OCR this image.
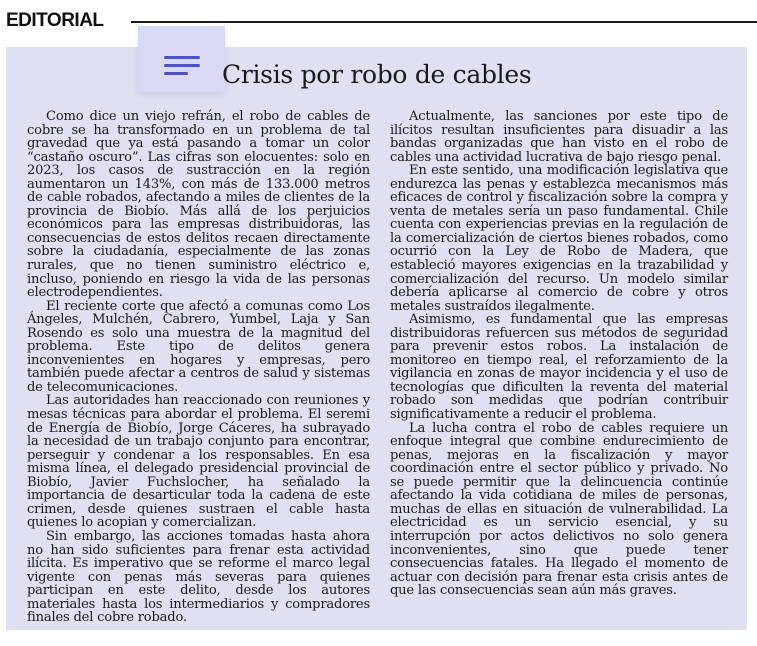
EDITORIAL
Crisis por robo de cables

Como dice un viejo refrán, el robo de cables de cobre se ha transformado en un problema de tal gravedad que ya está pasando a tomar un color “castaño oscuro”. Las cifras son elocuentes: solo en 2023, los casos de sustracción en la región aumentaron un 143%, con más de 133.000 metros de cable robados, afectando a miles de clientes de la provincia de Biobío. Más allá de los perjuicios económicos para las empresas distribuidoras, las consecuencias de estos delitos recaen directamente sobre la ciudadanía, especialmente de las zonas rurales, que no tienen suministro eléctrico e, incluso, poniendo en riesgo la vida de las personas electrodependientes.

El reciente corte que afectó a comunas como Los Ángeles, Mulchén, Cabrero, Yumbel, Laja y San Rosendo es solo una muestra de la magnitud del problema. Este tipo de delitos genera inconvenientes en hogares y empresas, pero también puede afectar a centros de salud y sistemas de telecomunicaciones.

Las autoridades han reaccionado con reuniones y mesas técnicas para abordar el problema. El seremi de Energía de Biobío, Jorge Cáceres, ha subrayado la necesidad de un trabajo conjunto para encontrar, perseguir y condenar a los responsables. En esa misma línea, el delegado presidencial provincial de Biobío, Javier Fuchslocher, ha señalado la importancia de desarticular toda la cadena de este crimen, desde quienes sustraen el cable hasta quienes lo acopian y comercializan.

Sin embargo, las acciones tomadas hasta ahora no han sido suficientes para frenar esta actividad ilícita. Es imperativo que se reforme el marco legal vigente con penas más severas para quienes participan en este delito, desde los autores materiales hasta los intermediarios y compradores finales del cobre robado.

Actualmente, las sanciones por este tipo de ilícitos resultan insuficientes para disuadir a las bandas organizadas que han visto en el robo de cables una actividad lucrativa de bajo riesgo penal.

En este sentido, una modificación legislativa que endurezca las penas y establezca mecanismos más eficaces de control y fiscalización sobre la compra y venta de metales sería un paso fundamental. Chile cuenta con experiencias previas en la regulación de la comercialización de ciertos bienes robados, como ocurrió con la Ley de Robo de Madera, que estableció mayores exigencias en la trazabilidad y comercialización del recurso. Un modelo similar debería aplicarse al comercio de cobre y otros metales sustraídos ilegalmente.

Asimismo, es fundamental que las empresas distribuidoras refuercen sus métodos de seguridad para prevenir estos robos. La instalación de monitoreo en tiempo real, el reforzamiento de la vigilancia en zonas de mayor incidencia y el uso de tecnologías que dificulten la reventa del material robado son medidas que podrían contribuir significativamente a reducir el problema.

La lucha contra el robo de cables requiere un enfoque integral que combine endurecimiento de penas, mejoras en la fiscalización y mayor coordinación entre el sector público y privado. No se puede permitir que la delincuencia continúe afectando la vida cotidiana de miles de personas, muchas de ellas en situación de vulnerabilidad. La electricidad es un servicio esencial, y su interrupción por actos delictivos no solo genera inconvenientes, sino que puede tener consecuencias fatales. Ha llegado el momento de actuar con decisión para frenar esta crisis antes de que las consecuencias sean aún más graves.
